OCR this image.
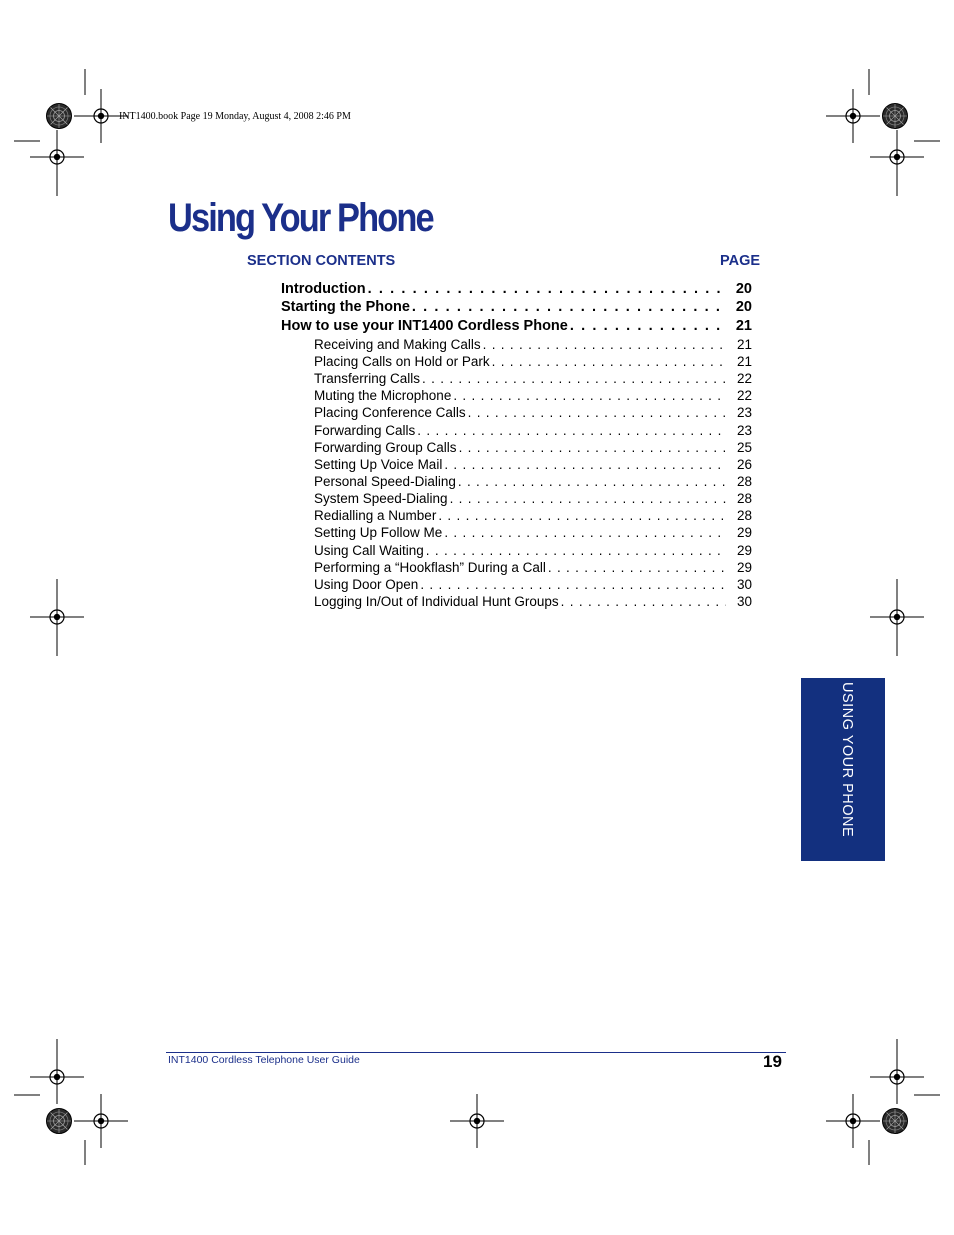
INT1400.book Page 19 Monday, August 4, 2008 2:46 PM
Using Your Phone
SECTION CONTENTS	PAGE
Introduction . . .	20
Starting the Phone . . .	20
How to use your INT1400 Cordless Phone . . .	21
Receiving and Making Calls . . .	21
Placing Calls on Hold or Park . . .	21
Transferring Calls . . .	22
Muting the Microphone . . .	22
Placing Conference Calls . . .	23
Forwarding Calls . . .	23
Forwarding Group Calls . . .	25
Setting Up Voice Mail . . .	26
Personal Speed-Dialing . . .	28
System Speed-Dialing . . .	28
Redialling a Number . . .	28
Setting Up Follow Me . . .	29
Using Call Waiting . . .	29
Performing a “Hookflash” During a Call . . .	29
Using Door Open . . .	30
Logging In/Out of Individual Hunt Groups . . .	30
USING YOUR PHONE
INT1400 Cordless Telephone User Guide	19
